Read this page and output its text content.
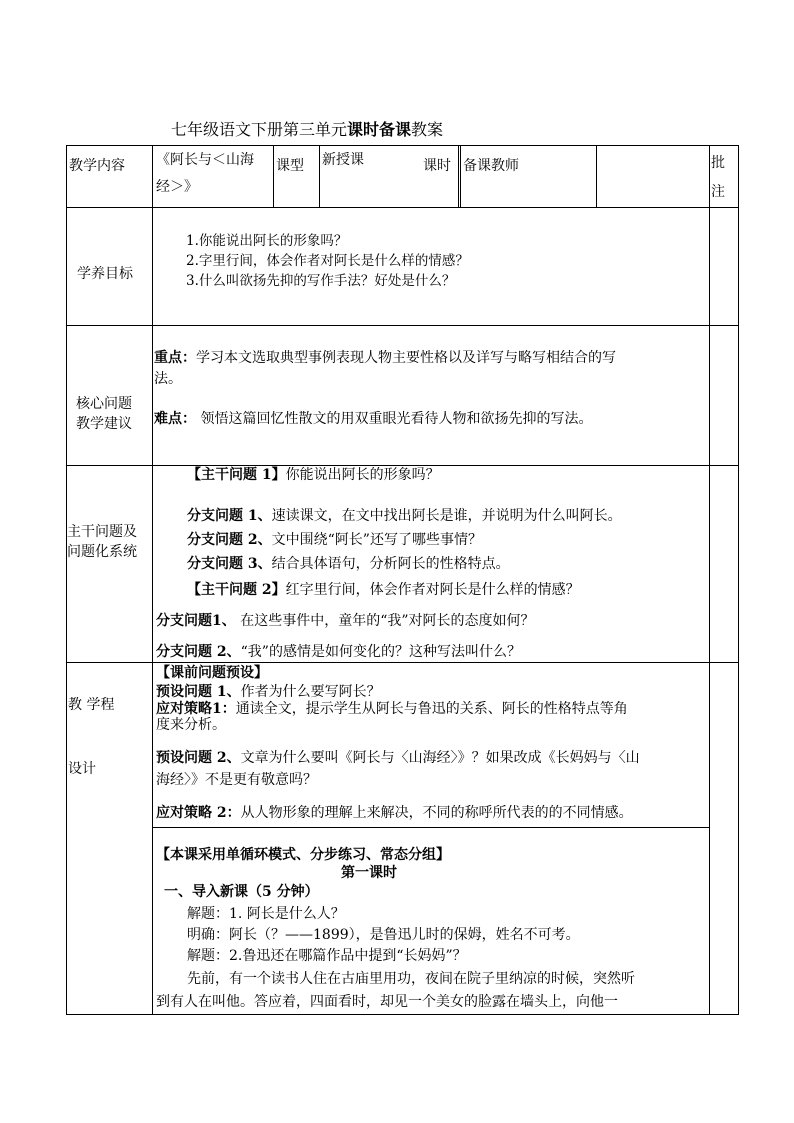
七年级语文下册第三单元课时备课教案
教学内容 《阿长与＜山海
经＞》
课型 新授课	课时 备课教师	批
注
学养目标
1.你能说出阿长的形象吗？
2.字里行间，体会作者对阿长是什么样的情感？
3.什么叫欲扬先抑的写作手法？好处是什么？
核心问题
教学建议
重点：学习本文选取典型事例表现人物主要性格以及详写与略写相结合的写
法。
难点： 领悟这篇回忆性散文的用双重眼光看待人物和欲扬先抑的写法。
主干问题及
问题化系统
【主干问题 1】你能说出阿长的形象吗？
分支问题 1、速读课文，在文中找出阿长是谁，并说明为什么叫阿长。
分支问题 2、文中围绕“阿长”还写了哪些事情？
分支问题 3、结合具体语句，分析阿长的性格特点。
【主干问题 2】红字里行间，体会作者对阿长是什么样的情感？
分支问题1、 在这些事件中，童年的“我”对阿长的态度如何？
分支问题 2、“我”的感情是如何变化的？这种写法叫什么？
教 学程
设计
【课前问题预设】
预设问题 1、作者为什么要写阿长？
应对策略1：通读全文，提示学生从阿长与鲁迅的关系、阿长的性格特点等角
度来分析。
预设问题 2、文章为什么要叫《阿长与〈山海经〉》？如果改成《长妈妈与〈山
海经〉》不是更有敬意吗？
应对策略 2：从人物形象的理解上来解决，不同的称呼所代表的的不同情感。
【本课采用单循环模式、分步练习、常态分组】
第一课时
一、导入新课（5 分钟）
解题：1. 阿长是什么人？
明确：阿长（？——1899），是鲁迅儿时的保姆，姓名不可考。
解题：2.鲁迅还在哪篇作品中提到“长妈妈”？
先前，有一个读书人住在古庙里用功，夜间在院子里纳凉的时候，突然听
到有人在叫他。答应着，四面看时，却见一个美女的脸露在墙头上，向他一
